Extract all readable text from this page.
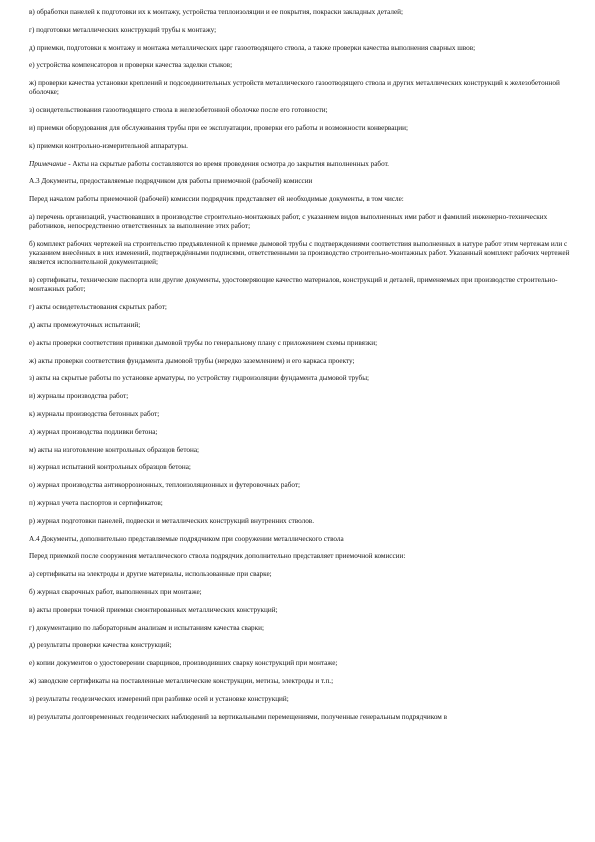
в) обработки панелей к подготовки их к монтажу, устройства теплоизоляции и ее покрытия, покраски закладных деталей;
г) подготовки металлических конструкций трубы к монтажу;
д) приемки, подготовки к монтажу и монтажа металлических царг газоотводящего ствола, а также проверки качества выполнения сварных швов;
е) устройства компенсаторов и проверки качества заделки стыков;
ж) проверки качества установки креплений и подсоединительных устройств металлического газоотводящего ствола и других металлических конструкций к железобетонной оболочке;
з) освидетельствования газоотводящего ствола в железобетонной оболочке после его готовности;
и) приемки оборудования для обслуживания трубы при ее эксплуатации, проверки его работы и возможности конвервации;
к) приемки контрольно-измерительной аппаратуры.
Примечание - Акты на скрытые работы составляются во время проведения осмотра до закрытия выполненных работ.
А.3 Документы, предоставляемые подрядчиком для работы приемочной (рабочей) комиссии
Перед началом работы приемочной (рабочей) комиссии подрядчик представляет ей необходимые документы, в том числе:
а) перечень организаций, участвовавших в производстве строительно-монтажных работ, с указанием видов выполненных ими работ и фамилий инженерно-технических работников, непосредственно ответственных за выполнение этих работ;
б) комплект рабочих чертежей на строительство предъявленной к приемке дымовой трубы с подтверждениями соответствия выполненных в натуре работ этим чертежам или с указанием внесённых в них изменений, подтверждёнными подписями, ответственными за производство строительно-монтажных работ. Указанный комплект рабочих чертежей является исполнительной документацией;
в) сертификаты, технические паспорта или другие документы, удостоверяющие качество материалов, конструкций и деталей, применяемых при производстве строительно-монтажных работ;
г) акты освидетельствования скрытых работ;
д) акты промежуточных испытаний;
е) акты проверки соответствия привязки дымовой трубы по генеральному плану с приложением схемы привязки;
ж) акты проверки соответствия фундамента дымовой трубы (нередко заземлением) и его каркаса проекту;
з) акты на скрытые работы по установке арматуры, по устройству гидроизоляции фундамента дымовой трубы;
и) журналы производства работ;
к) журналы производства бетонных работ;
л) журнал производства подливки бетона;
м) акты на изготовление контрольных образцов бетона;
н) журнал испытаний контрольных образцов бетона;
о) журнал производства антикоррозионных, теплоизоляционных и футеровочных работ;
п) журнал учета паспортов и сертификатов;
р) журнал подготовки панелей, подвески и металлических конструкций внутренних стволов.
А.4 Документы, дополнительно представляемые подрядчиком при сооружении металлического ствола
Перед приемкой после сооружения металлического ствола подрядчик дополнительно представляет приемочной комиссии:
а) сертификаты на электроды и другие материалы, использованные при сварке;
б) журнал сварочных работ, выполненных при монтаже;
в) акты проверки точной приемки смонтированных металлических конструкций;
г) документацию по лабораторным анализам и испытаниям качества сварки;
д) результаты проверки качества конструкций;
е) копии документов о удостоверении сварщиков, производивших сварку конструкций при монтаже;
ж) заводские сертификаты на поставленные металлические конструкции, метизы, электроды и т.п.;
з) результаты геодезических измерений при разбивке осей и установке конструкций;
и) результаты долговременных геодезических наблюдений за вертикальными перемещениями, полученные генеральным подрядчиком в
